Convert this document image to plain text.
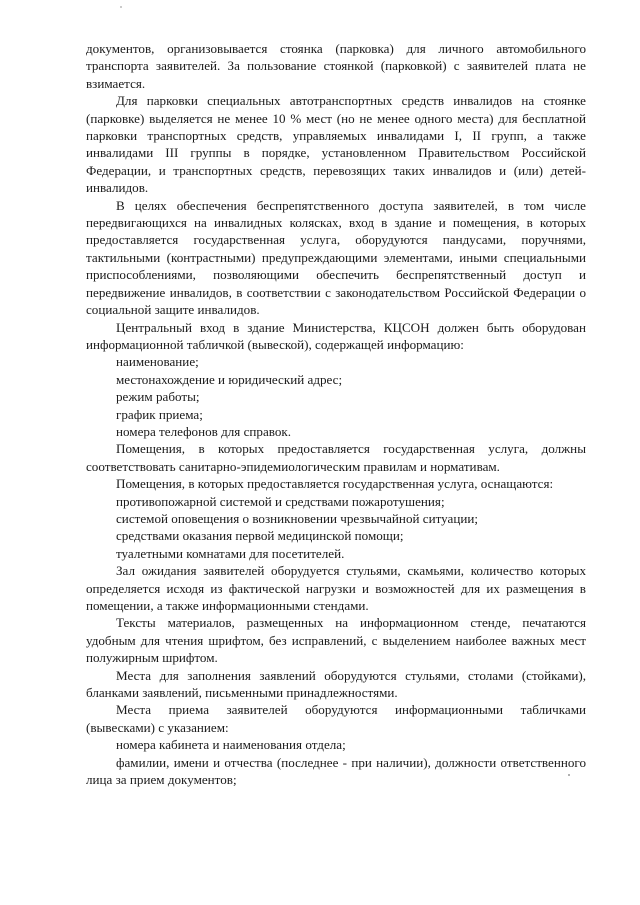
документов, организовывается стоянка (парковка) для личного автомобильного транспорта заявителей. За пользование стоянкой (парковкой) с заявителей плата не взимается.

Для парковки специальных автотранспортных средств инвалидов на стоянке (парковке) выделяется не менее 10 % мест (но не менее одного места) для бесплатной парковки транспортных средств, управляемых инвалидами I, II групп, а также инвалидами III группы в порядке, установленном Правительством Российской Федерации, и транспортных средств, перевозящих таких инвалидов и (или) детей-инвалидов.

В целях обеспечения беспрепятственного доступа заявителей, в том числе передвигающихся на инвалидных колясках, вход в здание и помещения, в которых предоставляется государственная услуга, оборудуются пандусами, поручнями, тактильными (контрастными) предупреждающими элементами, иными специальными приспособлениями, позволяющими обеспечить беспрепятственный доступ и передвижение инвалидов, в соответствии с законодательством Российской Федерации о социальной защите инвалидов.

Центральный вход в здание Министерства, КЦСОН должен быть оборудован информационной табличкой (вывеской), содержащей информацию:

наименование;

местонахождение и юридический адрес;

режим работы;

график приема;

номера телефонов для справок.

Помещения, в которых предоставляется государственная услуга, должны соответствовать санитарно-эпидемиологическим правилам и нормативам.

Помещения, в которых предоставляется государственная услуга, оснащаются:

противопожарной системой и средствами пожаротушения;

системой оповещения о возникновении чрезвычайной ситуации;

средствами оказания первой медицинской помощи;

туалетными комнатами для посетителей.

Зал ожидания заявителей оборудуется стульями, скамьями, количество которых определяется исходя из фактической нагрузки и возможностей для их размещения в помещении, а также информационными стендами.

Тексты материалов, размещенных на информационном стенде, печатаются удобным для чтения шрифтом, без исправлений, с выделением наиболее важных мест полужирным шрифтом.

Места для заполнения заявлений оборудуются стульями, столами (стойками), бланками заявлений, письменными принадлежностями.

Места приема заявителей оборудуются информационными табличками (вывесками) с указанием:

номера кабинета и наименования отдела;

фамилии, имени и отчества (последнее - при наличии), должности ответственного лица за прием документов;
